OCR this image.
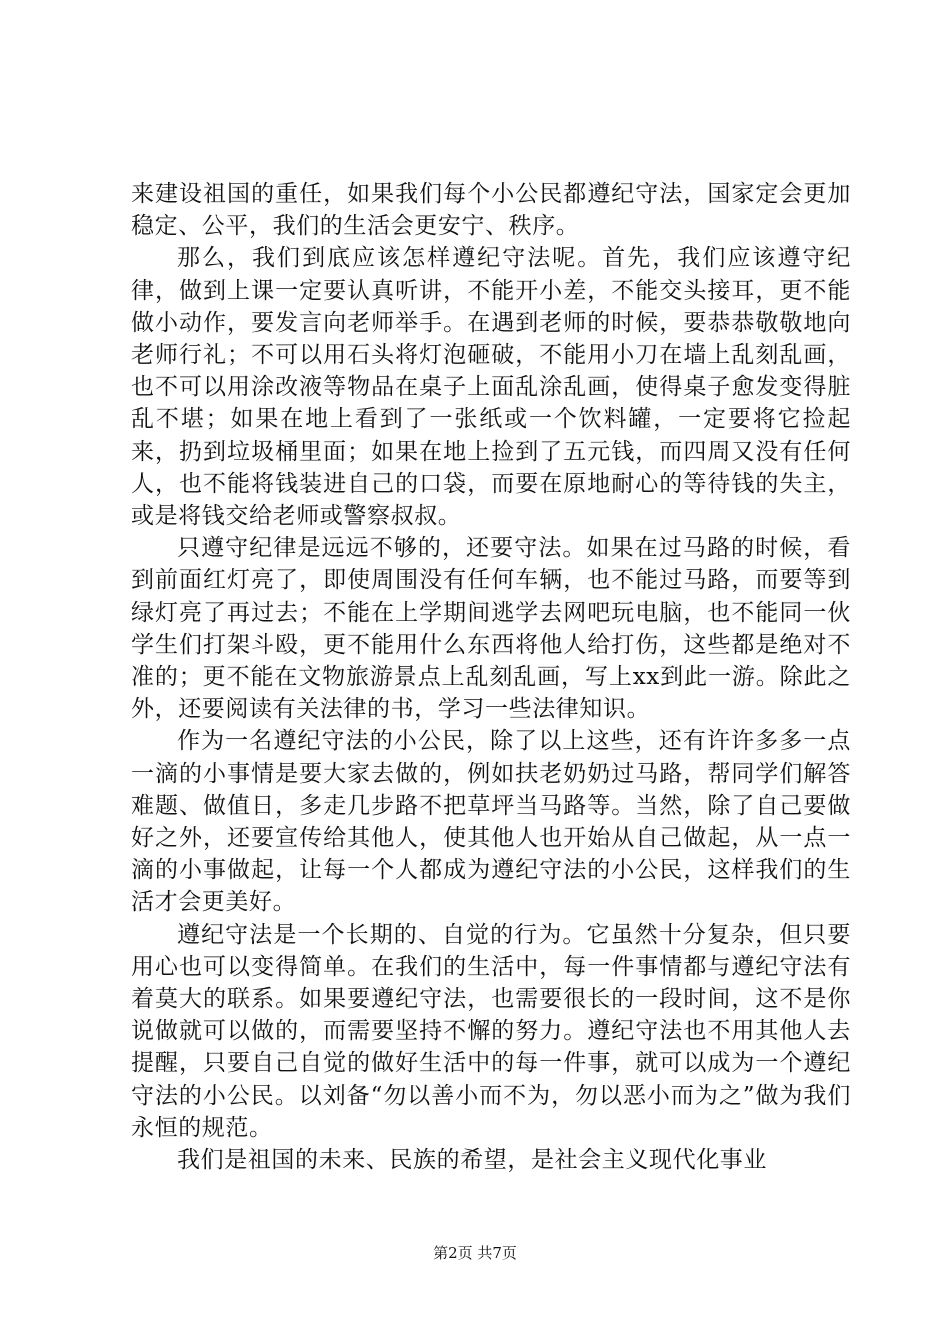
来建设祖国的重任，如果我们每个小公民都遵纪守法，国家定会更加稳定、公平，我们的生活会更安宁、秩序。

那么，我们到底应该怎样遵纪守法呢。首先，我们应该遵守纪律，做到上课一定要认真听讲，不能开小差，不能交头接耳，更不能做小动作，要发言向老师举手。在遇到老师的时候，要恭恭敬敬地向老师行礼；不可以用石头将灯泡砸破，不能用小刀在墙上乱刻乱画，也不可以用涂改液等物品在桌子上面乱涂乱画，使得桌子愈发变得脏乱不堪；如果在地上看到了一张纸或一个饮料罐，一定要将它捡起来，扔到垃圾桶里面；如果在地上捡到了五元钱，而四周又没有任何人，也不能将钱装进自己的口袋，而要在原地耐心的等待钱的失主，或是将钱交给老师或警察叔叔。

只遵守纪律是远远不够的，还要守法。如果在过马路的时候，看到前面红灯亮了，即使周围没有任何车辆，也不能过马路，而要等到绿灯亮了再过去；不能在上学期间逃学去网吧玩电脑，也不能同一伙学生们打架斗殴，更不能用什么东西将他人给打伤，这些都是绝对不准的；更不能在文物旅游景点上乱刻乱画，写上xx到此一游。除此之外，还要阅读有关法律的书，学习一些法律知识。

作为一名遵纪守法的小公民，除了以上这些，还有许许多多一点一滴的小事情是要大家去做的，例如扶老奶奶过马路，帮同学们解答难题、做值日，多走几步路不把草坪当马路等。当然，除了自己要做好之外，还要宣传给其他人，使其他人也开始从自己做起，从一点一滴的小事做起，让每一个人都成为遵纪守法的小公民，这样我们的生活才会更美好。

遵纪守法是一个长期的、自觉的行为。它虽然十分复杂，但只要用心也可以变得简单。在我们的生活中，每一件事情都与遵纪守法有着莫大的联系。如果要遵纪守法，也需要很长的一段时间，这不是你说做就可以做的，而需要坚持不懈的努力。遵纪守法也不用其他人去提醒，只要自己自觉的做好生活中的每一件事，就可以成为一个遵纪守法的小公民。以刘备“勿以善小而不为，勿以恶小而为之”做为我们永恒的规范。

我们是祖国的未来、民族的希望，是社会主义现代化事业

第2页 共7页
